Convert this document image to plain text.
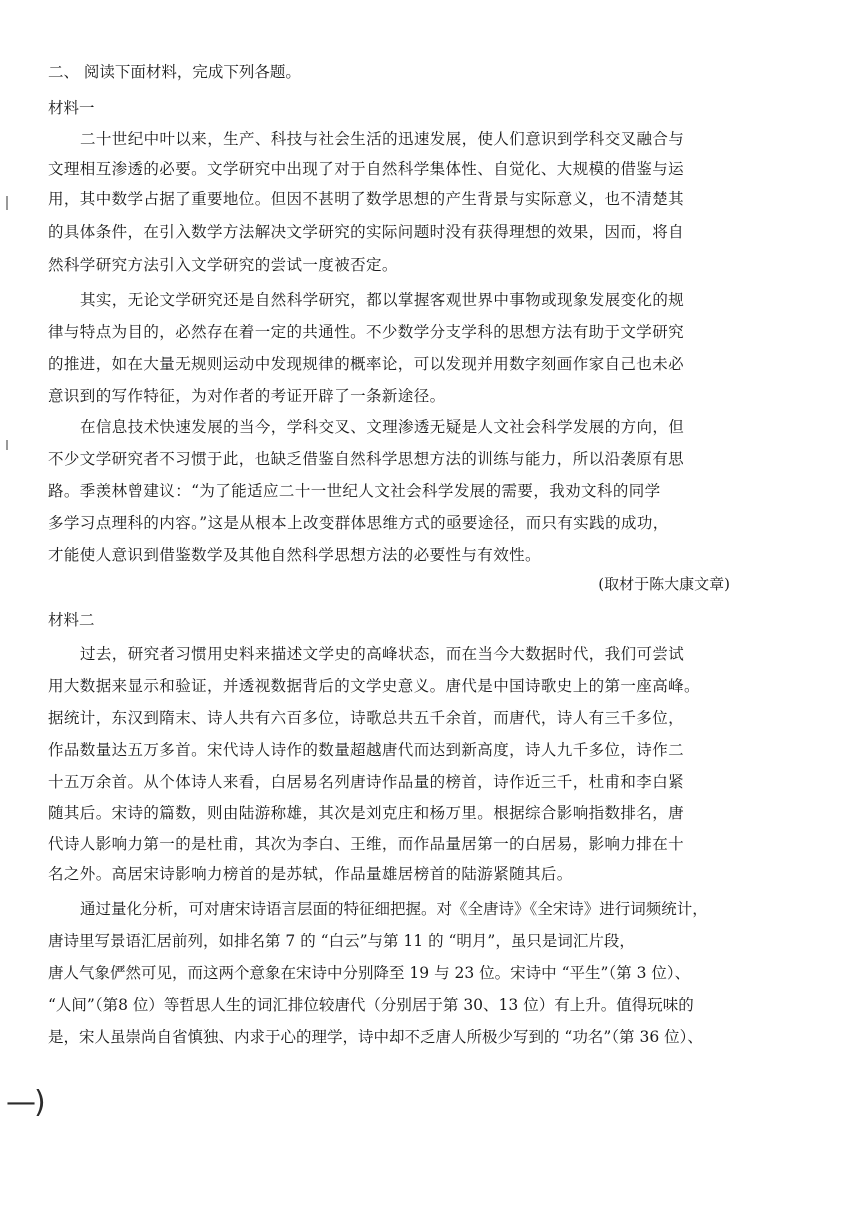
二、 阅读下面材料，完成下列各题。
材料一
二十世纪中叶以来，生产、科技与社会生活的迅速发展，使人们意识到学科交叉融合与
文理相互渗透的必要。文学研究中出现了对于自然科学集体性、自觉化、大规模的借鉴与运
用，其中数学占据了重要地位。但因不甚明了数学思想的产生背景与实际意义，也不清楚其
的具体条件，在引入数学方法解决文学研究的实际问题时没有获得理想的效果，因而，将自
然科学研究方法引入文学研究的尝试一度被否定。
其实，无论文学研究还是自然科学研究，都以掌握客观世界中事物或现象发展变化的规
律与特点为目的，必然存在着一定的共通性。不少数学分支学科的思想方法有助于文学研究
的推进，如在大量无规则运动中发现规律的概率论，可以发现并用数字刻画作家自己也未必
意识到的写作特征，为对作者的考证开辟了一条新途径。
在信息技术快速发展的当今，学科交叉、文理渗透无疑是人文社会科学发展的方向，但
不少文学研究者不习惯于此，也缺乏借鉴自然科学思想方法的训练与能力，所以沿袭原有思
路。季羡林曾建议：“为了能适应二十一世纪人文社会科学发展的需要，我劝文科的同学
多学习点理科的内容。”这是从根本上改变群体思维方式的亟要途径，而只有实践的成功，
才能使人意识到借鉴数学及其他自然科学思想方法的必要性与有效性。
(取材于陈大康文章)
材料二
过去，研究者习惯用史料来描述文学史的高峰状态，而在当今大数据时代，我们可尝试
用大数据来显示和验证，并透视数据背后的文学史意义。唐代是中国诗歌史上的第一座高峰。
据统计，东汉到隋末、诗人共有六百多位，诗歌总共五千余首，而唐代，诗人有三千多位，
作品数量达五万多首。宋代诗人诗作的数量超越唐代而达到新高度，诗人九千多位，诗作二
十五万余首。从个体诗人来看，白居易名列唐诗作品量的榜首，诗作近三千，杜甫和李白紧
随其后。宋诗的篇数，则由陆游称雄，其次是刘克庄和杨万里。根据综合影响指数排名，唐
代诗人影响力第一的是杜甫，其次为李白、王维，而作品量居第一的白居易，影响力排在十
名之外。高居宋诗影响力榜首的是苏轼，作品量雄居榜首的陆游紧随其后。
通过量化分析，可对唐宋诗语言层面的特征细把握。对《全唐诗》《全宋诗》进行词频统计，
唐诗里写景语汇居前列，如排名第 7 的 “白云”与第 11 的 “明月”，虽只是词汇片段，
唐人气象俨然可见，而这两个意象在宋诗中分别降至 19 与 23 位。宋诗中 “平生”（第 3 位）、
“人间”（第8 位）等哲思人生的词汇排位较唐代（分别居于第 30、13 位）有上升。值得玩味的
是，宋人虽崇尚自省慎独、内求于心的理学，诗中却不乏唐人所极少写到的 “功名”（第 36 位）、
—)
